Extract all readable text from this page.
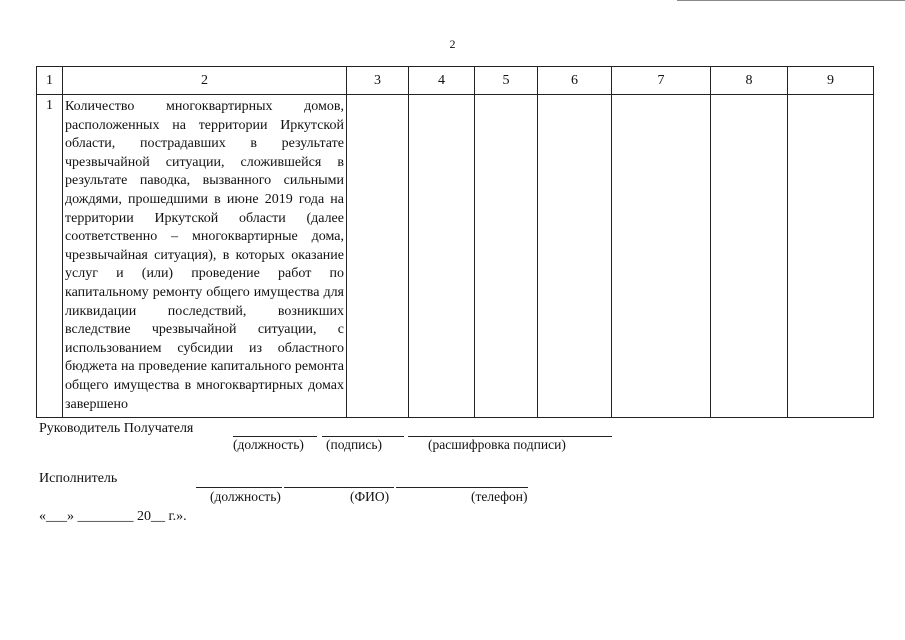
2
1	2	3	4	5	6	7	8	9
1	Количество многоквартирных домов, расположенных на территории Иркутской области, пострадавших в результате чрезвычайной ситуации, сложившейся в результате паводка, вызванного сильными дождями, прошедшими в июне 2019 года на территории Иркутской области (далее соответственно – многоквартирные дома, чрезвычайная ситуация), в которых оказание услуг и (или) проведение работ по капитальному ремонту общего имущества для ликвидации последствий, возникших вследствие чрезвычайной ситуации, с использованием субсидии из областного бюджета на проведение капитального ремонта общего имущества в многоквартирных домах завершено							
Руководитель Получателя
(должность) (подпись)	(расшифровка подписи)
Исполнитель
(должность)	(ФИО)	(телефон)
«___» ________ 20__ г.».
